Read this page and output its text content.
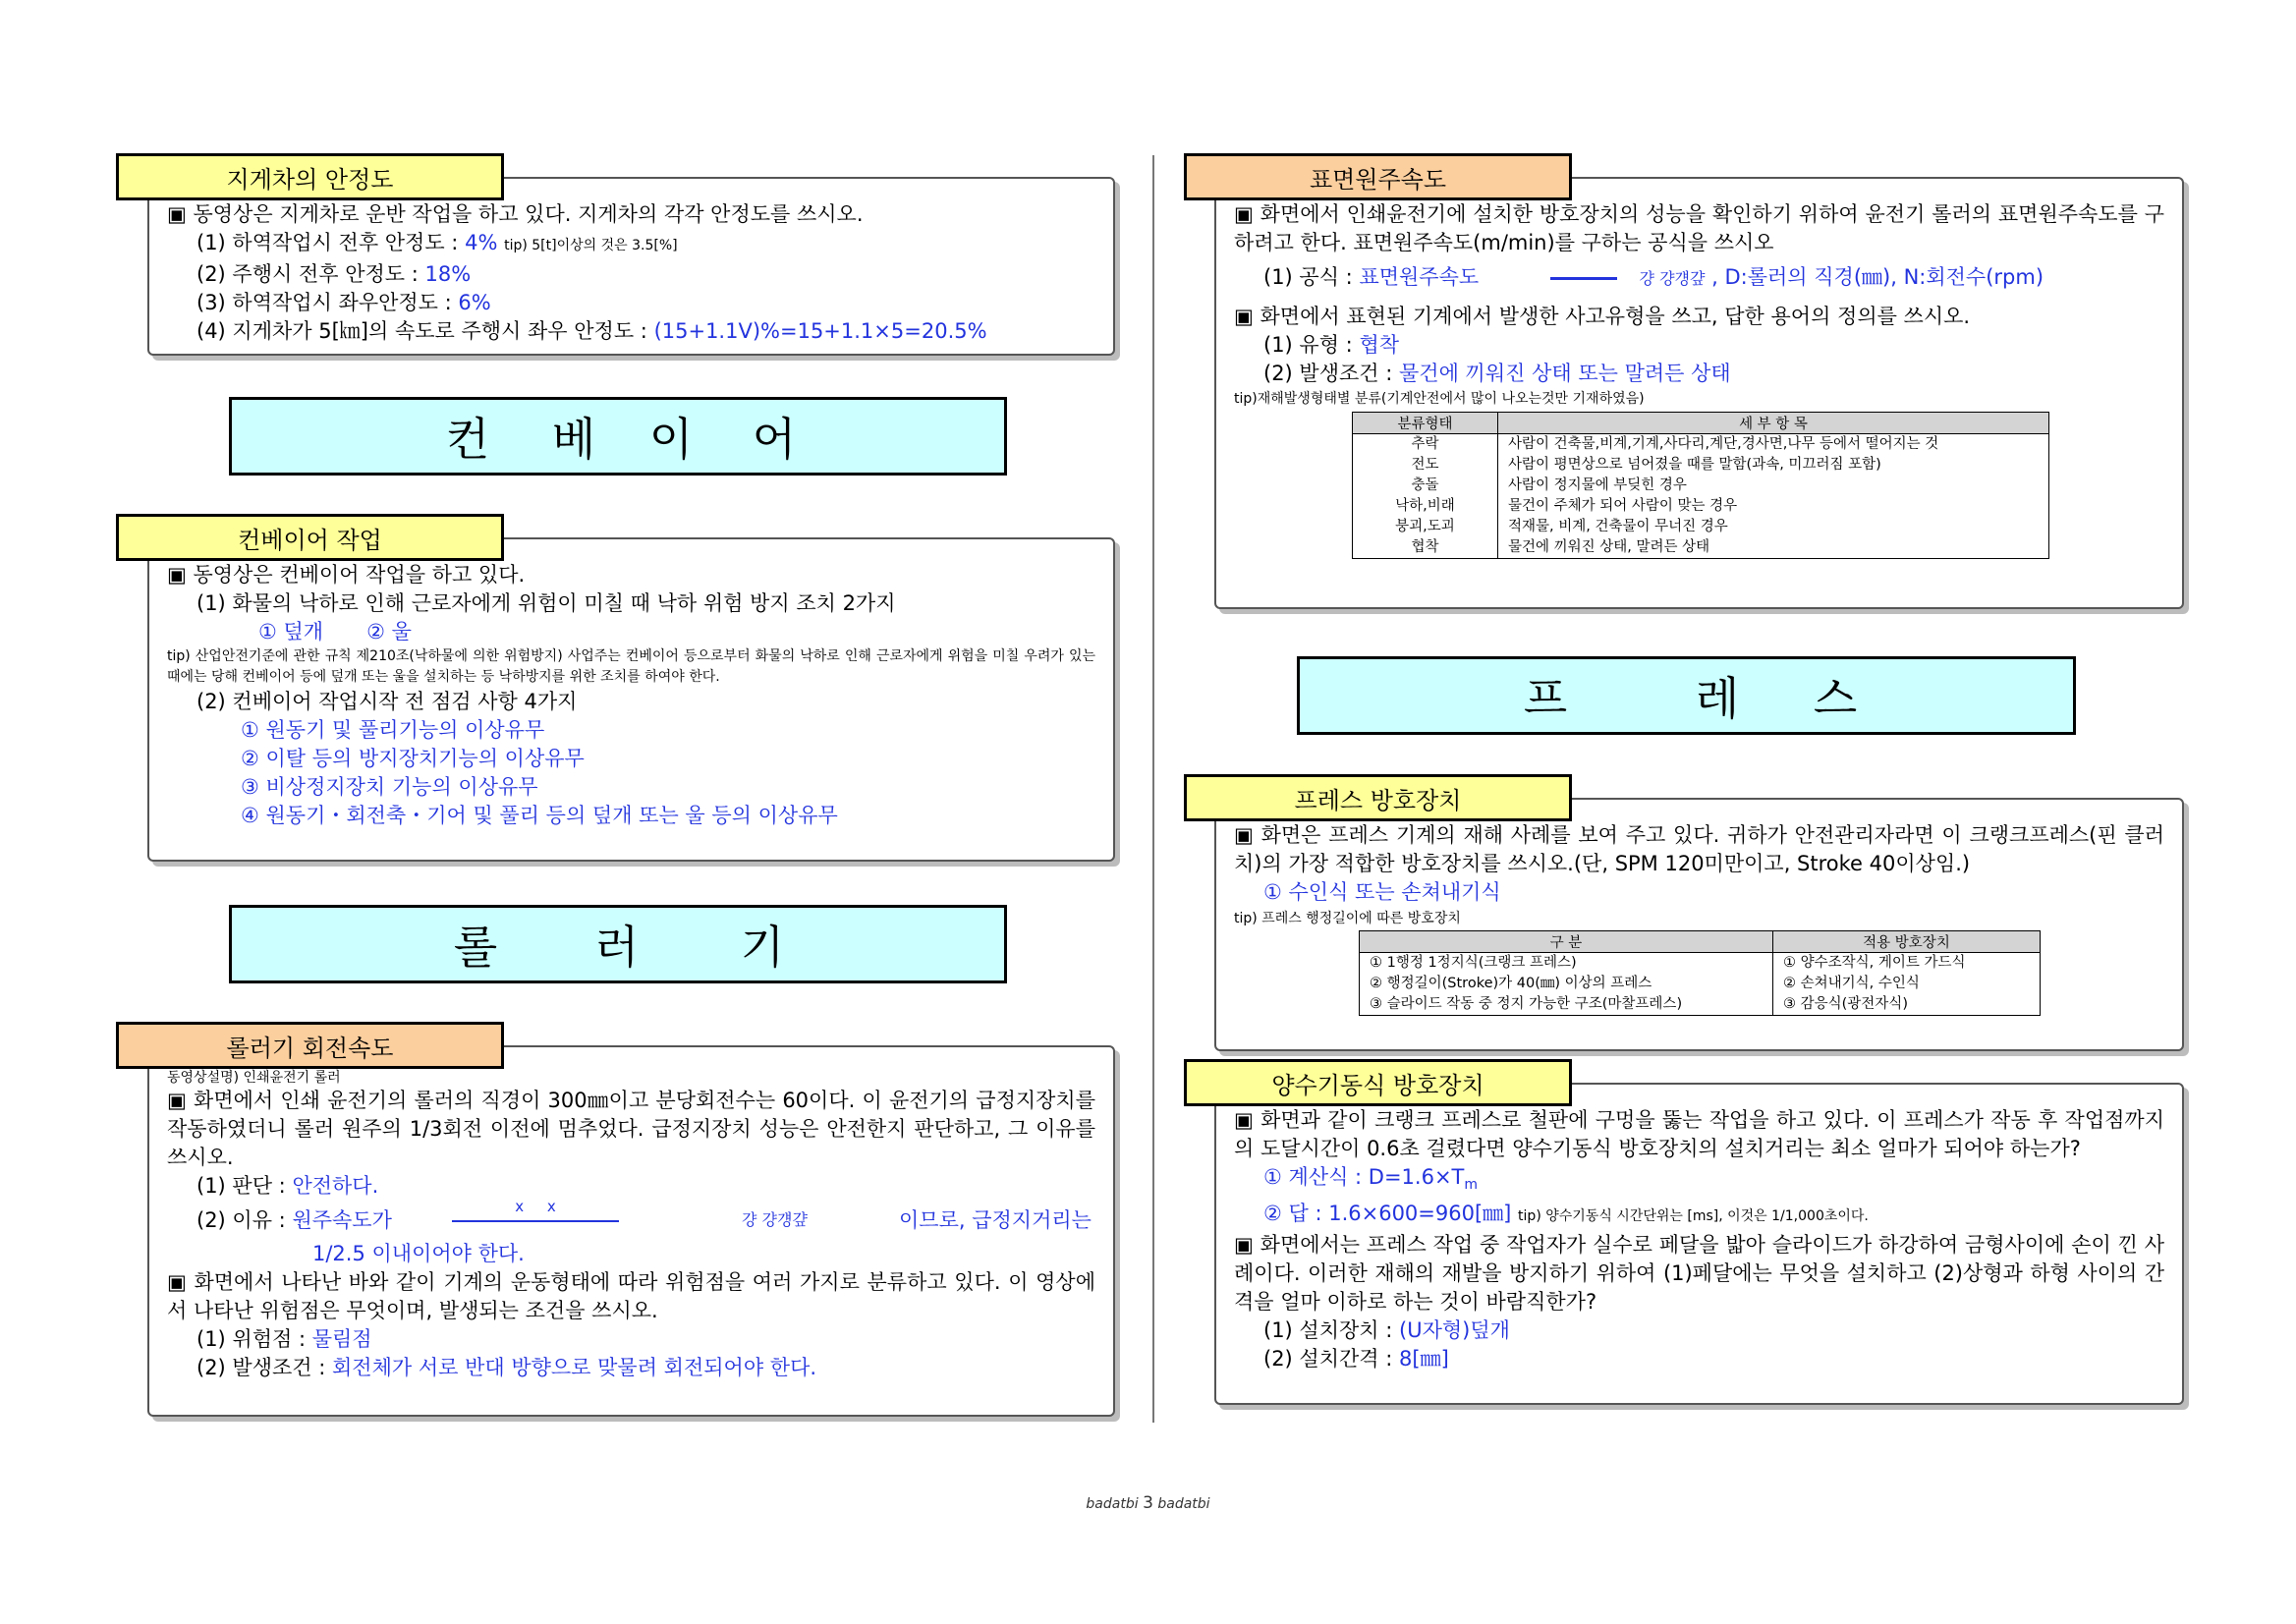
지게차의 안정도
▣ 동영상은 지게차로 운반 작업을 하고 있다. 지게차의 각각 안정도를 쓰시오.
(1) 하역작업시 전후 안정도 : 4% tip) 5[t]이상의 것은 3.5[%]
(2) 주행시 전후 안정도 : 18%
(3) 하역작업시 좌우안정도 : 6%
(4) 지게차가 5[㎞]의 속도로 주행시 좌우 안정도 : (15+1.1V)%=15+1.1×5=20.5%
컨 베 이 어
컨베이어 작업
▣ 동영상은 컨베이어 작업을 하고 있다.
(1) 화물의 낙하로 인해 근로자에게 위험이 미칠 때 낙하 위험 방지 조치 2가지
① 덮개 ② 울
tip) 산업안전기준에 관한 규칙 제210조(낙하물에 의한 위험방지) 사업주는 컨베이어 등으로부터 화물의 낙하로 인해 근로자에게 위험을 미칠 우려가 있는 때에는 당해 컨베이어 등에 덮개 또는 울을 설치하는 등 낙하방지를 위한 조치를 하여야 한다.
(2) 컨베이어 작업시작 전 점검 사항 4가지
① 원동기 및 풀리기능의 이상유무
② 이탈 등의 방지장치기능의 이상유무
③ 비상정지장치 기능의 이상유무
④ 원동기・회전축・기어 및 풀리 등의 덮개 또는 울 등의 이상유무
롤 러 기
롤러기 회전속도
동영상설명) 인쇄윤전기 롤러
▣ 화면에서 인쇄 윤전기의 롤러의 직경이 300㎜이고 분당회전수는 60이다. 이 윤전기의 급정지장치를 작동하였더니 롤러 원주의 1/3회전 이전에 멈추었다. 급정지장치 성능은 안전한지 판단하고, 그 이유를 쓰시오.
(1) 판단 : 안전하다.
(2) 이유 : 원주속도가
x     x
걍 걍걩걒	이므로, 급정지거리는
1/2.5 이내이어야 한다.
▣ 화면에서 나타난 바와 같이 기계의 운동형태에 따라 위험점을 여러 가지로 분류하고 있다. 이 영상에서 나타난 위험점은 무엇이며, 발생되는 조건을 쓰시오.
(1) 위험점 : 물림점
(2) 발생조건 : 회전체가 서로 반대 방향으로 맞물려 회전되어야 한다.
표면원주속도
▣ 화면에서 인쇄윤전기에 설치한 방호장치의 성능을 확인하기 위하여 윤전기 롤러의 표면원주속도를 구하려고 한다. 표면원주속도(m/min)를 구하는 공식을 쓰시오
(1) 공식 : 표면원주속도	걍 걍걩걒 , D:롤러의 직경(㎜), N:회전수(rpm)
▣ 화면에서 표현된 기계에서 발생한 사고유형을 쓰고, 답한 용어의 정의를 쓰시오.
(1) 유형 : 협착
(2) 발생조건 : 물건에 끼워진 상태 또는 말려든 상태
tip)재해발생형태별 분류(기계안전에서 많이 나오는것만 기재하였음)
분류형태	세 부 항 목
추락	사람이 건축물,비계,기계,사다리,계단,경사면,나무 등에서 떨어지는 것
전도	사람이 평면상으로 넘어졌을 때를 말함(과속, 미끄러짐 포함)
충돌	사람이 정지물에 부딪힌 경우
낙하,비래	물건이 주체가 되어 사람이 맞는 경우
붕괴,도괴	적재물, 비계, 건축물이 무너진 경우
협착	물건에 끼워진 상태, 말려든 상태
프	레 스
프레스 방호장치
▣ 화면은 프레스 기계의 재해 사례를 보여 주고 있다. 귀하가 안전관리자라면 이 크랭크프레스(핀 클러치)의 가장 적합한 방호장치를 쓰시오.(단, SPM 120미만이고, Stroke 40이상임.)
① 수인식 또는 손쳐내기식
tip) 프레스 행정길이에 따른 방호장치
구 분	적용 방호장치
① 1행정 1정지식(크랭크 프레스)	① 양수조작식, 게이트 가드식
② 행정길이(Stroke)가 40(㎜) 이상의 프레스	② 손쳐내기식, 수인식
③ 슬라이드 작동 중 정지 가능한 구조(마찰프레스)	③ 감응식(광전자식)
양수기동식 방호장치
▣ 화면과 같이 크랭크 프레스로 철판에 구멍을 뚫는 작업을 하고 있다. 이 프레스가 작동 후 작업점까지의 도달시간이 0.6초 걸렸다면 양수기동식 방호장치의 설치거리는 최소 얼마가 되어야 하는가?
① 계산식 : $D=1.6\times T_m$
② 답 : 1.6×600=960[㎜] tip) 양수기동식 시간단위는 [ms], 이것은 1/1,000초이다.
▣ 화면에서는 프레스 작업 중 작업자가 실수로 페달을 밟아 슬라이드가 하강하여 금형사이에 손이 낀 사례이다. 이러한 재해의 재발을 방지하기 위하여 (1)페달에는 무엇을 설치하고 (2)상형과 하형 사이의 간격을 얼마 이하로 하는 것이 바람직한가?
(1) 설치장치 : (U자형)덮개
(2) 설치간격 : 8[㎜]
badatbi 3 badatbi
